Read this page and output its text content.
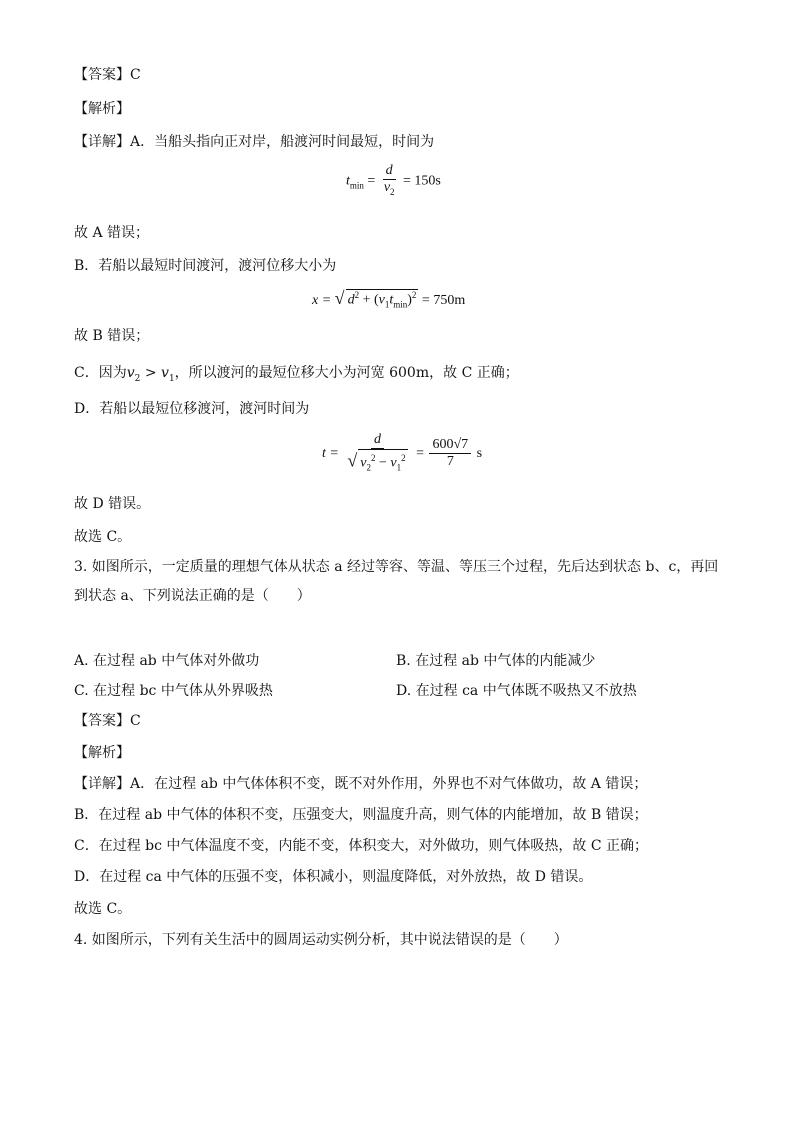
【答案】C
【解析】
【详解】A．当船头指向正对岸，船渡河时间最短，时间为
$t_{min} = \frac{d}{v_2} = 150s$
故 A 错误；
B．若船以最短时间渡河，渡河位移大小为
x = √ $d^2 + (v_1t_{min})^2 = 750m$
故 B 错误；
C．因为$v_2 > v_1$，所以渡河的最短位移大小为河宽 600m，故 C 正确；
D．若船以最短位移渡河，渡河时间为
$t = \frac{d}{√ v_2^2 - v_1^2} = \frac{600√7}{7}$ s
故 D 错误。
故选 C。
3. 如图所示，一定质量的理想气体从状态 a 经过等容、等温、等压三个过程，先后达到状态 b、c，再回
到状态 a、下列说法正确的是（　　）
A. 在过程 ab 中气体对外做功	B. 在过程 ab 中气体的内能减少
C. 在过程 bc 中气体从外界吸热	D. 在过程 ca 中气体既不吸热又不放热
【答案】C
【解析】
【详解】A．在过程 ab 中气体体积不变，既不对外作用，外界也不对气体做功，故 A 错误；
B．在过程 ab 中气体的体积不变，压强变大，则温度升高，则气体的内能增加，故 B 错误；
C．在过程 bc 中气体温度不变，内能不变，体积变大，对外做功，则气体吸热，故 C 正确；
D．在过程 ca 中气体的压强不变，体积减小，则温度降低，对外放热，故 D 错误。
故选 C。
4. 如图所示，下列有关生活中的圆周运动实例分析，其中说法错误的是（　　）
